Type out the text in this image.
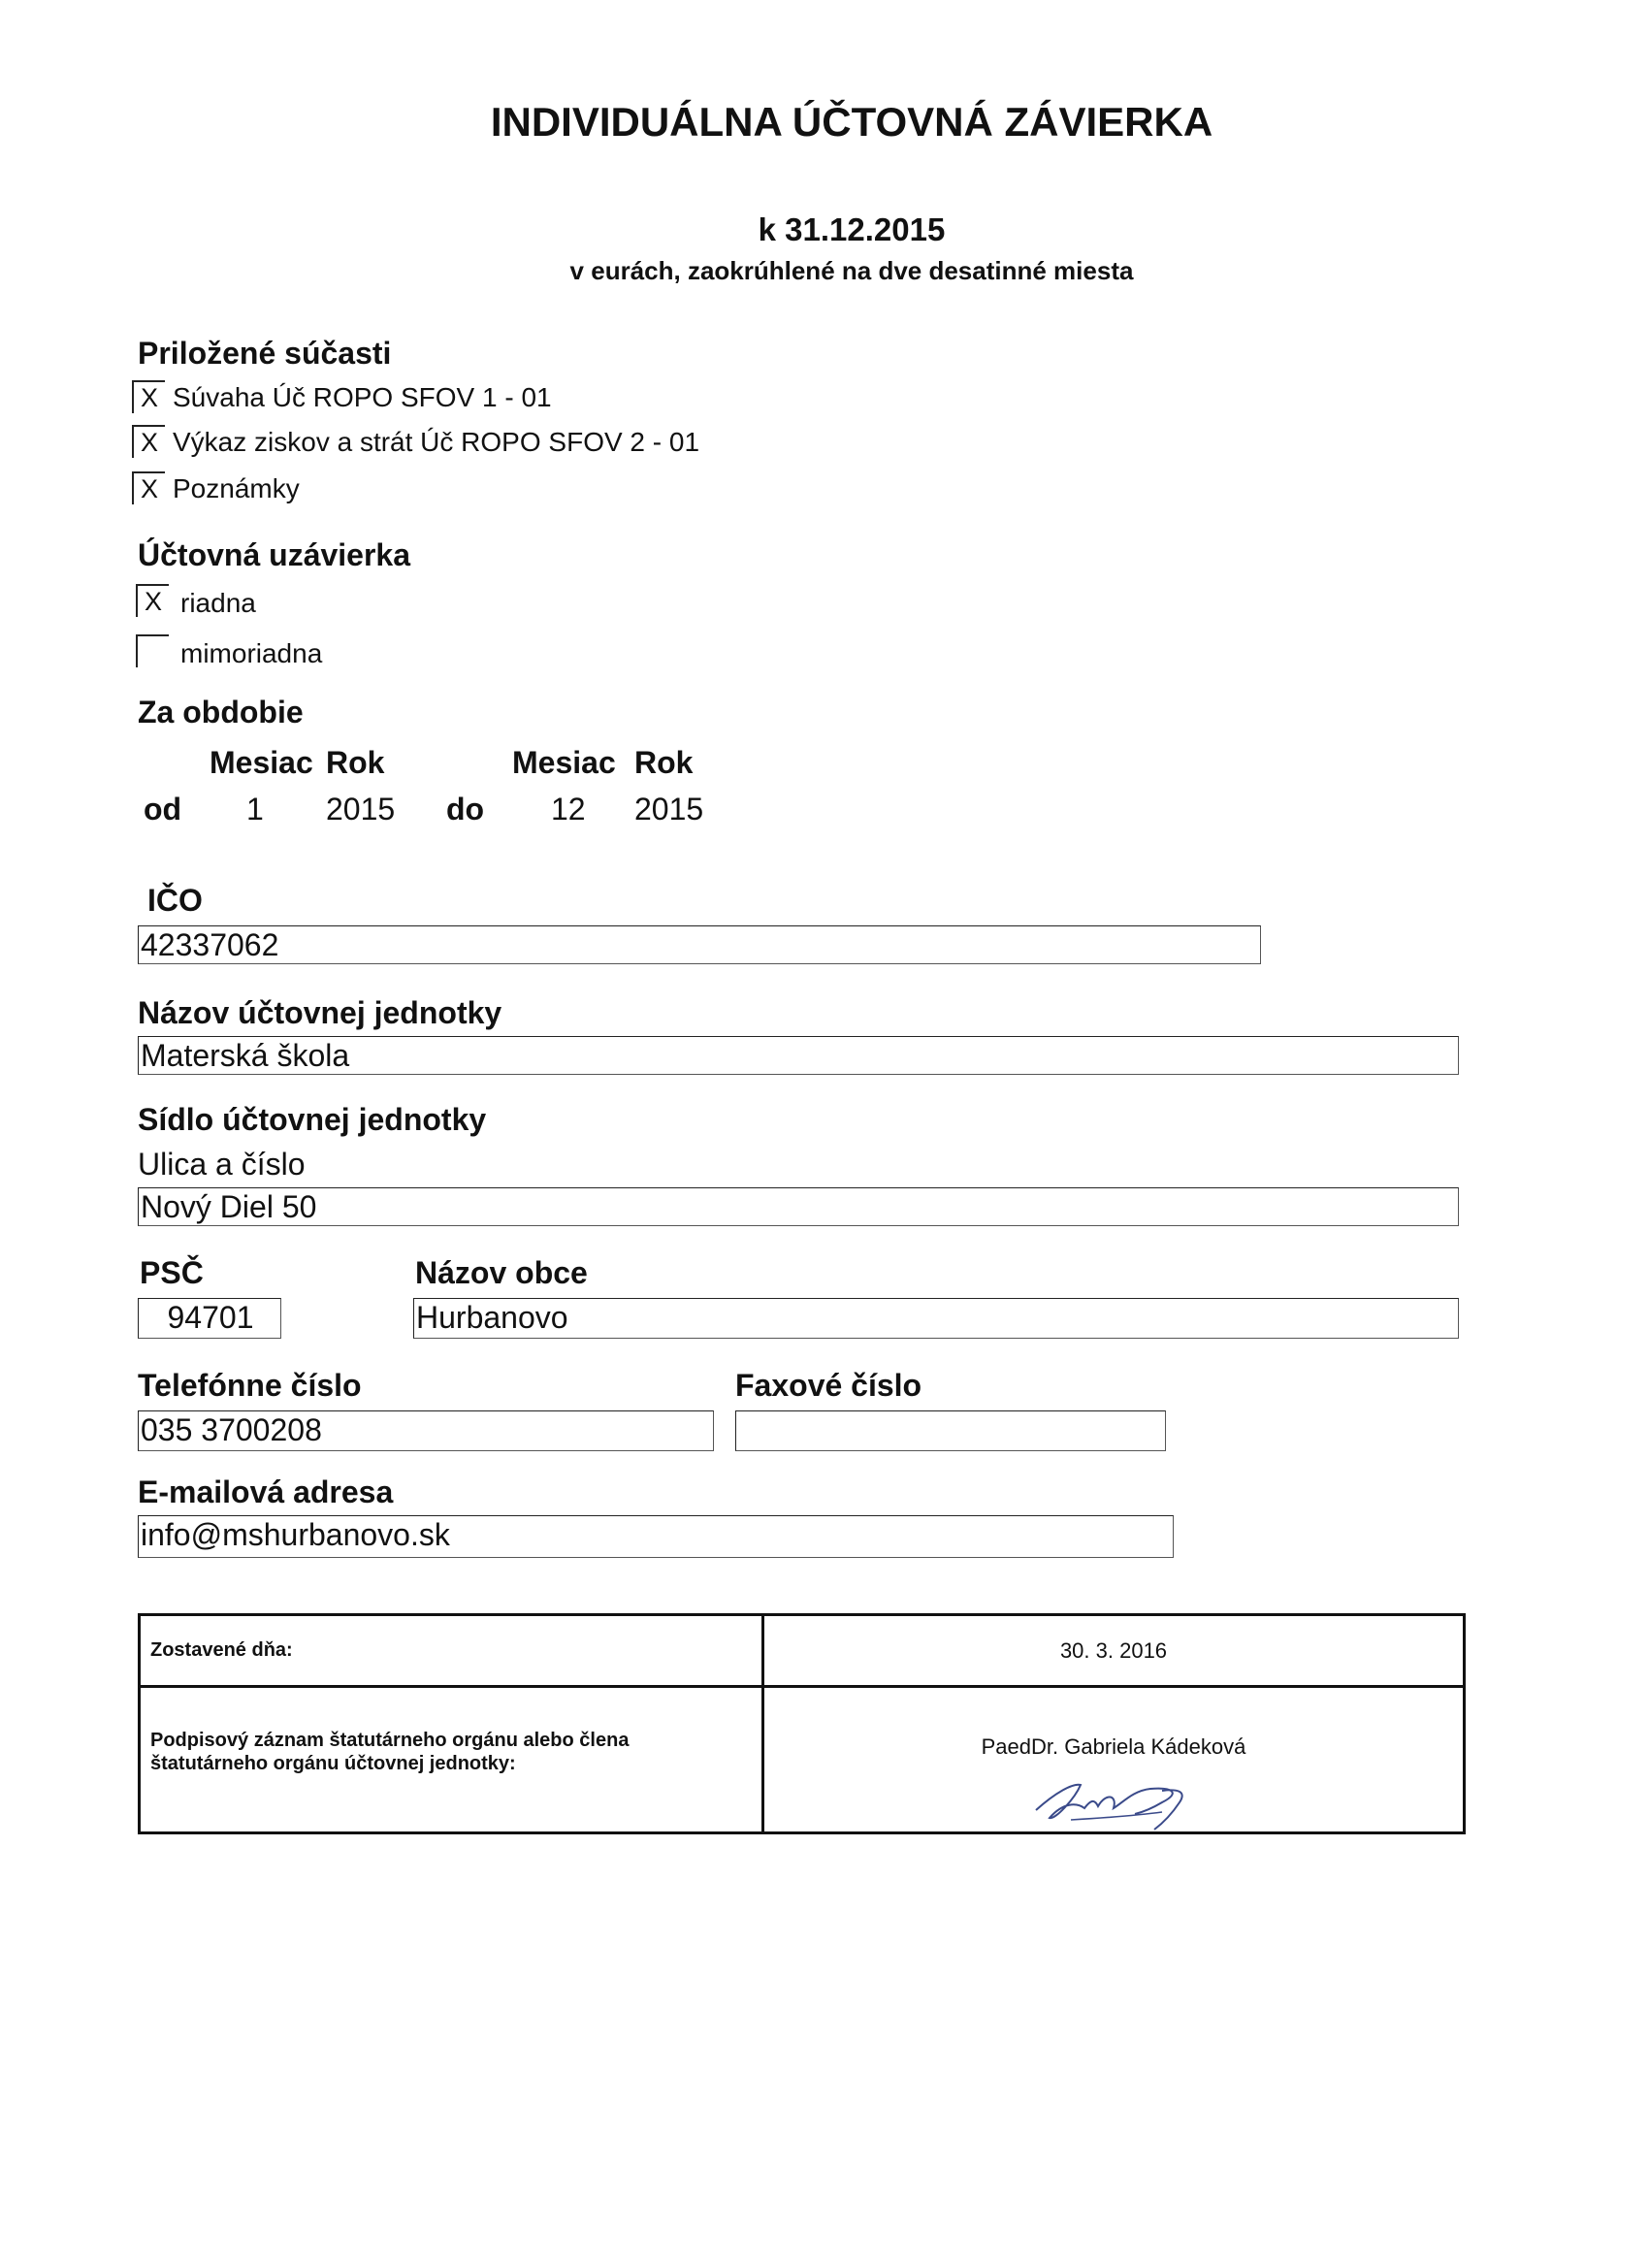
INDIVIDUÁLNA ÚČTOVNÁ ZÁVIERKA
k 31.12.2015
v eurách, zaokrúhlené na dve desatinné miesta
Priložené súčasti
X Súvaha Úč ROPO SFOV 1 - 01
X Výkaz ziskov a strát Úč ROPO SFOV 2 - 01
X Poznámky
Účtovná uzávierka
X riadna
mimoriadna
Za obdobie
Mesiac Rok	Mesiac Rok
od 1 2015 do 12 2015
IČO
42337062
Názov účtovnej jednotky
Materská škola
Sídlo účtovnej jednotky
Ulica a číslo
Nový Diel 50
PSČ
94701
Názov obce
Hurbanovo
Telefónne číslo
035 3700208
Faxové číslo
E-mailová adresa
info@mshurbanovo.sk
Zostavené dňa:	30. 3. 2016
Podpisový záznam štatutárneho orgánu alebo člena štatutárneho orgánu účtovnej jednotky:	PaedDr. Gabriela Kádeková
